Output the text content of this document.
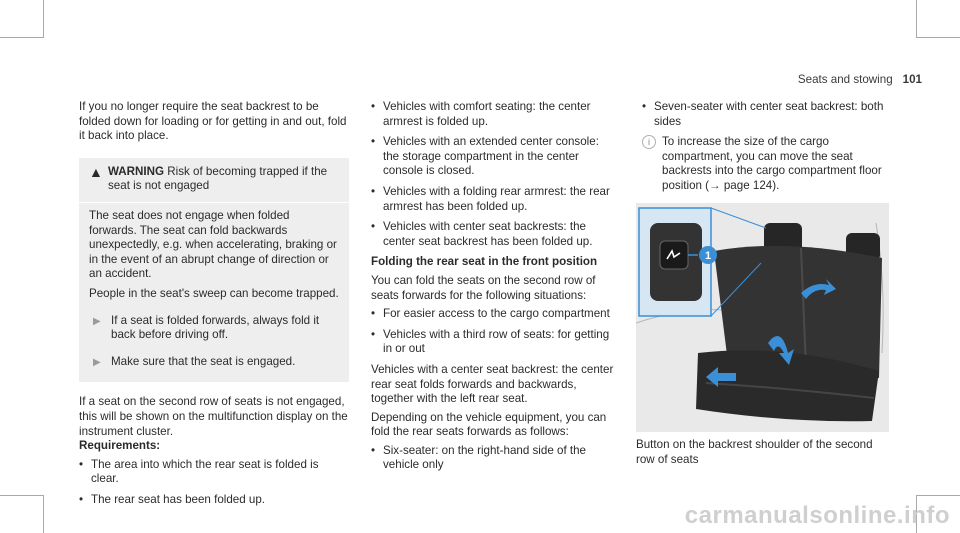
Seats and stowing 101

If you no longer require the seat backrest to be folded down for loading or for getting in and out, fold it back into place.

▲ WARNING Risk of becoming trapped if the seat is not engaged

The seat does not engage when folded forwards. The seat can fold backwards unexpectedly, e.g. when accelerating, braking or in the event of an abrupt change of direction or an accident.

People in the seat's sweep can become trapped.

▶ If a seat is folded forwards, always fold it back before driving off.
▶ Make sure that the seat is engaged.

If a seat on the second row of seats is not engaged, this will be shown on the multifunction display on the instrument cluster.

Requirements:
• The area into which the rear seat is folded is clear.
• The rear seat has been folded up.
• Vehicles with comfort seating: the center armrest is folded up.
• Vehicles with an extended center console: the storage compartment in the center console is closed.
• Vehicles with a folding rear armrest: the rear armrest has been folded up.
• Vehicles with center seat backrests: the center seat backrest has been folded up.
Folding the rear seat in the front position

You can fold the seats on the second row of seats forwards for the following situations:

• For easier access to the cargo compartment
• Vehicles with a third row of seats: for getting in or out

Vehicles with a center seat backrest: the center rear seat folds forwards and backwards, together with the left rear seat.

Depending on the vehicle equipment, you can fold the rear seats forwards as follows:

• Six-seater: on the right-hand side of the vehicle only
• Seven-seater with center seat backrest: both sides
i	To increase the size of the cargo compartment, you can move the seat backrests into the cargo compartment floor position (→ page 124).
1
Button on the backrest shoulder of the second row of seats
carmanualsonline.info
